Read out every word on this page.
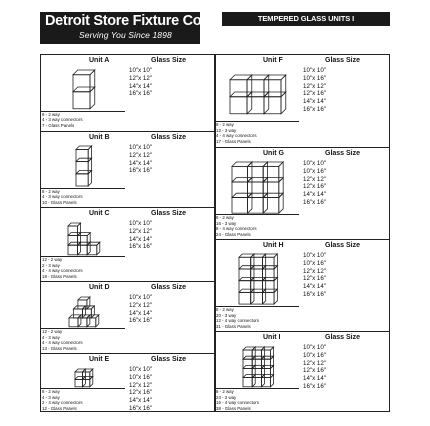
Detroit Store Fixture Co.
Serving You Since 1898
TEMPERED GLASS UNITS I
Unit A	Glass Size
10"x 10"
12"x 12"
14"x 14"
16"x 16"
8 - 2 way
4 - 3 way connectors
7 - Glass Panels
Unit B	Glass Size
10"x 10"
12"x 12"
14"x 14"
16"x 16"
8 - 2 way
4 - 3 way connectors
10 - Glass Panels
Unit C	Glass Size
10"x 10"
12"x 12"
14"x 14"
16"x 16"
12 - 2 way
2 - 3 way
4 - 4 way connectors
18 - Glass Panels
Unit D	Glass Size
10"x 10"
12"x 12"
14"x 14"
16"x 16"
12 - 2 way
4 - 3 way
4 - 4 way connectors
13 - Glass Panels
Unit E	Glass Size
10"x 10"
10"x 16"
12"x 12"
12"x 16"
14"x 14"
16"x 16"
8 - 2 way
4 - 3 way
2 - 4 way connectors
12 - Glass Panels
Unit F	Glass Size
10"x 10"
10"x 16"
12"x 12"
12"x 16"
14"x 14"
16"x 16"
8 - 2 way
12 - 3 way
4 - 4 way connectors
17 - Glass Panels
Unit G	Glass Size
10"x 10"
10"x 16"
12"x 12"
12"x 16"
14"x 14"
16"x 16"
8 - 2 way
16 - 3 way
8 - 4 way connectors
24 - Glass Panels
Unit H	Glass Size
10"x 10"
10"x 16"
12"x 12"
12"x 16"
14"x 14"
16"x 16"
8 - 2 way
20 - 3 way
12 - 4 way connectors
31 - Glass Panels
Unit I	Glass Size
10"x 10"
10"x 16"
12"x 12"
12"x 16"
14"x 14"
16"x 16"
8 - 2 way
24 - 3 way
16 - 4 way connectors
38 - Glass Panels
